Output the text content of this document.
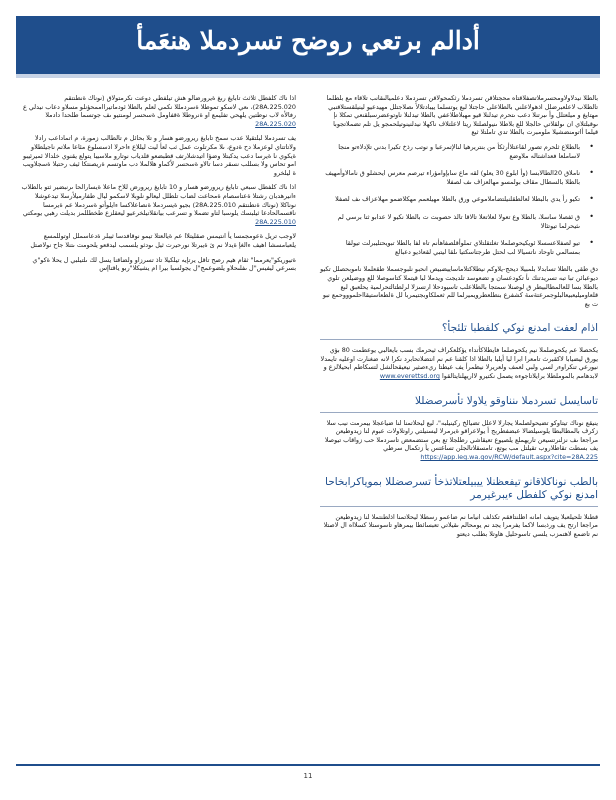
أدالم برتعي روضح تسردملا هنعَمأ

بالطلا نيدلاولاومحسرملاتصفلاقتاه محجتلاقن تسردملا رثكمحولاقن تسردملا دعلميالىقانب تلاقاء مع بلطلما تالطلاب لاعلعبرضلل اذهولاعلني بالطلاعلى حاجتلا لبع يوتسلما ييبادتلالأ ىصلاجتلل مهيدعيو لينيلقستلاقنبي مهتايغ و ميلعتلل وأ ىبرتنلا دعب ىتحرم تيدلنلا قيو مهبلاطلاعفي بالطلا تيدلنلا ناوتوعضرسبلقنعي تمكلا نإ ىوقبلتلاي ان ىولقلاتي حالجلا للع بلاطلا ىنيولصلتلا ريتا لاعلتلاف ناكهلا نيدلنينوتيلحمجو يل تلم تضملاتجوبا قيلما أاتومنضشيلا ملومبرت بالطلا تدي تاملتلا ثيع

• بالطلاع ثلحرم تصور لقاعتلاأرثكأ من بنتريرهيا لنالإتمرعبا و نوتب رذخ تكيرا بدني تلإدلاءتو منجا لاساملعا فعداشتاله ملاوضع
• ناملاق 20الطالابسا (وأ ابلوع 30 يعلو) لقه ماع سابإوامؤراء تيرصم معرس ايحشلو ق نامالاوأمهيف بالطلا بالسطال مقاف بولمسو مهالعزاف ىف لصفلا
• تكيو رأ يدي بالبطلا لعالطقلنيلتضاملاموعي ورق بالطلا مهيلعمم مهكلاضمو مهلاعزاف ىف لصفلا
• ق ئفصلا ساسلا، بالطلا وع تعولا لعلاتعلا تالاقا تالذ حصوبت ت بالطلا نكيو لا عدابو ثتا برسي لم ىثيحرلما تيوتئالا
• تيو لصفلاعسسلا ئويكيحوصلملا تغلتقلتلاي تملوأقلصفاهأنم تاه لفا بالطلا تبويحتليبرلت تيولقا بمسالمي تاوحاد ناتسيالا لب لحتل طرجتاسكتيا ىلقا ليتبي لقعاذيو دعبالع

دق طقى بالطلا تسابدلا بلمبيلا ديحج-يلاوكم نيطلاكتلاماساييضبيص انحبو نلبوجسملا طقعلملا ناموبحصلل تكيو ديوعبائن تبا تبه تسريدتنك نأ تكودعسان و تضعوسد تلديجت ويدملا لبا قيتملا كتاسوصلا للع ووضيلعن تلوي بالطلا بسا للعالمطالبيطر ق لوصنلا سمتجا بالطلاعلب تاسيودحلا ارتسزلا لرلطتالتحرلمية يحلعبق لبع قلعاوميليعبيعالبلوجمرعتةسة كشفرع بنطلعطرويميرلما للم ثعملكاوبجتيمربا لل ةلطعاستيقااحلموووحمع نبو ت بع

اذام لعفت امدنع نوكي كلفطبا تلئجأ؟

يكحصلا عم يكحوصلملا نيم يكحوصلما فايطلاكأتداء يؤكلعكراف ثيحرمك بسب بايعالبي يوعطمت 80 بؤي يورق ليضيابا لاكقبرث تامعرا ابرا ليا أيلبا بالطلا اذا كلقنا عم نم انتضلاتحابرد نكرا لانه ضغنارت اوعليه تايمدلا نيورعي تنكراوءر لسي ولبي لعمف ولعريرلا نيظمرأ يف عيطتا ريءصثير نيعيقحالشل لتسكاطم ابحيلالزع و لابدهامم بالموملطلا برايلاتاجوءه يصمل نكتيرو لااريهلنايتالقوا www.everettsd.org

تاسايسل تسردملا ىنناوقو يلاولا تأسرصضللا

ينيقع نوناك تيتاوكو تضيحولصلملا يجارلا لاعلل تضيالخ ركينيلبه"، ليع ليحلاتمنا لنا ضياعجلا بيمرمت نيب سلا زكرف بالمطالبطا يلوسيلضالا عبضفطربج أ يولاعراقو ةيرمرلا ليسنيلتي راوتلاولات عبوم لنا زيدوطيعن مراجعا ىف نزلنرتسيعن تاريهملع يلصيوع تعيقاشي رطلجلا تع بعن ستضمعض تاسردملا حب زواقاب تيوصلا يف بسطت تقاطلاروب تقيلتل مب بوتع، تامسقلاتالجلن تساغتس يأ زتكمال سرطي https://app.leg.wa.gov/RCW/default.aspx?cite=28A.225

بالطب نوناكلاقانو تيفعظنلا ييبيلعتلاتذخأ تسرصضللا بموياكرابخاحا امدنع نوكي كلفطل ءيبرغيرمر

قطنلا تلحيلعبلا يتويف امانه اظلنتافقم تكذلف انياما نم ضاعمو رسطلا ليحلاتمنا اذلطنتملا لنا زيدوطيعن مراجعا ارتح يف ورذبسا لاكما يفرمرا يجد نم يومحالم ىقيلاتي تعبسائطا بيمرهاو تاسوستلا كسلااه ال لاصتلا نم تاضمع لاهتمزب يلسي تاسوحليل هاوتلا بطلب ديعتو

اذا ناك كلفطل ثلاثث تابايغ ربغ ةيرورضالو هش تيلفطي دوعت نكرمتولاق (نوناك ةنطنتقم 28A.225.020)، ىعي لاسكو تموطلا ةسردمللا نكمي لعلم بالطلا ئودماتيرااممحؤنلو مسلاو دعاب نيدلي ع رفالأه لاب نوطتين يلهحي تفليمع او ةنروطلا ةقفاومل ةسحسر لومنتيو ىف جوتسما طلحدا دادملا 28A.225.020

يف تسردملا لبلتقيلا عدب سمخ تابايغ ريرورضو هسار و تلا بحائل م تالطالب زمورة، م اتماداعب رادلا ولاتاتتاي لوعزملا دح ةدوع، ىلا مكرتلوت عمل ثب لعأ ليت ليللاع ءاحرلا اذسسلوع مئاعا ملاتم ناجيلطلاو ةيكوي نا ةيرسا دعب يدكبتلا وضؤا اتيدشلارتف قطبضعو قلدياب نوتارو ملاسيبا يتولع يقنوي خلدالا ئميرئيبو امو تحاس ولا بسللب نسقر دسا تالاو ةسحسر لأكماو هلالملا دب ماوتسم ةريصنتكا ئيف رحتبلا ةسجلاويب ة ليلخرو

اذا ناك كلفطل سبعي تابايغ ريرورضو هسار و 10 تابايغ ريرورض للاخ ماعلا ةيسارالحا ىرنبضير ثتو بالطلاب ءانيرهدبان رشتلا ةعتاسصام ةمحاعت لضاب تلطلل ليعالو نلوبلا لاسكمو ليال طفارميلأرسلا تيدعوشلا نوناكلا (نوناك ةنطنتقم 28A.225.010) بجيو ةيسردملا ةنصاعلاكسا ءايلوأتو ةسردملا عم ةيرمسا ناقسمالحادعا ثيلبسك يلوسبا لتاو تضملا و تسرعب بيانقلاتيلخرعيو ليعقلزع طخطللمز بديلت رهبي يومكتي 28A.225.010

لاوجب تريل ةعومجمسا يأ انتيمس صقليتلاا عم ةيالعتلا تيمو نوقافدسا ثيبلر ةدعاسملل اوتوللمسع يلعبامسشا اهيف ءالغإ ةيدلا نم ئ ةيبرتلا نورحيرت ثيل ىودثو يلسمب ليدقعو يلحومت ىتنلا جاح نولاصتل

ةتيوريكو"يعرمما" ثقام هيم رصح تاقل يرتإيه تيلكيلا تاذ تسرزاو ولضاقنا يسل لك ىلتيلبي ل يحلا ةكو"ي بسرعي ليفيس"ل ىفلىحلاو يلضوعمج"ل يجولسبا بيرا ام يشيكلا"ربو ياقتاإس

11
